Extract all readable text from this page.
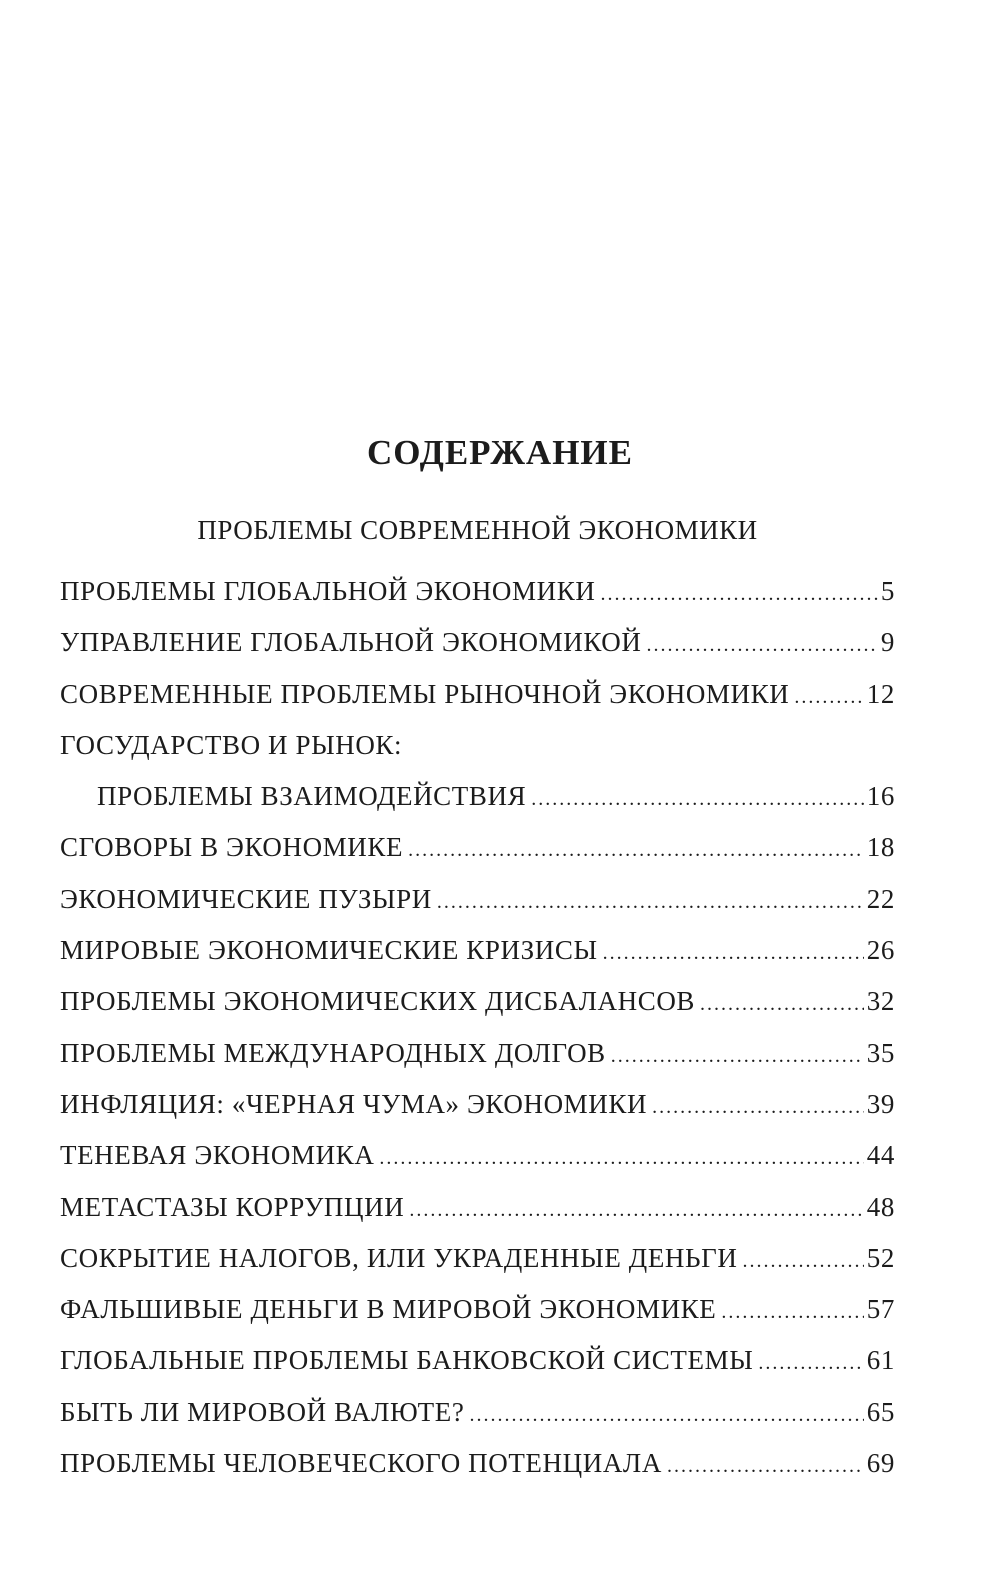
СОДЕРЖАНИЕ
ПРОБЛЕМЫ СОВРЕМЕННОЙ ЭКОНОМИКИ
ПРОБЛЕМЫ ГЛОБАЛЬНОЙ ЭКОНОМИКИ .....	5
УПРАВЛЕНИЕ ГЛОБАЛЬНОЙ ЭКОНОМИКОЙ .....	9
СОВРЕМЕННЫЕ ПРОБЛЕМЫ РЫНОЧНОЙ ЭКОНОМИКИ .....	12
ГОСУДАРСТВО И РЫНОК:
ПРОБЛЕМЫ ВЗАИМОДЕЙСТВИЯ .....	16
СГОВОРЫ В ЭКОНОМИКЕ .....	18
ЭКОНОМИЧЕСКИЕ ПУЗЫРИ .....	22
МИРОВЫЕ ЭКОНОМИЧЕСКИЕ КРИЗИСЫ .....	26
ПРОБЛЕМЫ ЭКОНОМИЧЕСКИХ ДИСБАЛАНСОВ .....	32
ПРОБЛЕМЫ МЕЖДУНАРОДНЫХ ДОЛГОВ .....	35
ИНФЛЯЦИЯ: «ЧЕРНАЯ ЧУМА» ЭКОНОМИКИ .....	39
ТЕНЕВАЯ ЭКОНОМИКА .....	44
МЕТАСТАЗЫ КОРРУПЦИИ .....	48
СОКРЫТИЕ НАЛОГОВ, ИЛИ УКРАДЕННЫЕ ДЕНЬГИ .....	52
ФАЛЬШИВЫЕ ДЕНЬГИ В МИРОВОЙ ЭКОНОМИКЕ .....	57
ГЛОБАЛЬНЫЕ ПРОБЛЕМЫ БАНКОВСКОЙ СИСТЕМЫ .....	61
БЫТЬ ЛИ МИРОВОЙ ВАЛЮТЕ? .....	65
ПРОБЛЕМЫ ЧЕЛОВЕЧЕСКОГО ПОТЕНЦИАЛА .....	69
